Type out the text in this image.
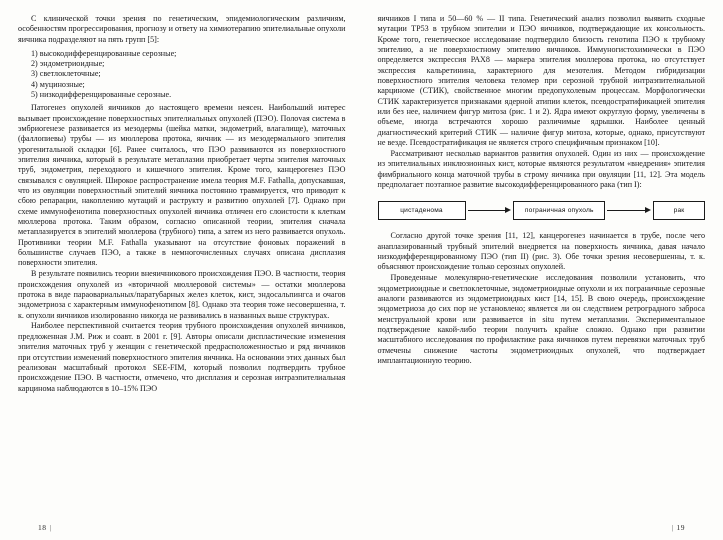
С клинической точки зрения по генетическим, эпидемиологическим различиям, особенностям прогрессирования, прогнозу и ответу на химиотерапию эпителиальные опухоли яичника подразделяют на пять групп [5]:

1) высокодифференцированные серозные;

2) эндометриоидные;

3) светлоклеточные;

4) муцинозные;

5) низкодифференцированные серозные.

Патогенез опухолей яичников до настоящего времени неясен. Наибольший интерес вызывает происхождение поверхностных эпителиальных опухолей (ПЭО). Полovая система в эмбриогенезе развивается из мезодермы (шейка матки, эндометрий, влагалище), маточных (фаллопиевы) трубы — из мюллерова протока, яичник — из мезодермального эпителия урогенитальной складки [6]. Ранее считалось, что ПЭО развиваются из поверхностного эпителия яичника, который в результате метаплазии приобретает черты эпителия маточных труб, эндометрия, переходного и кишечного эпителия. Кроме того, канцерогенез ПЭО связывался с овуляцией. Широкое распространение имела теория M.F. Fathalla, допускавшая, что из овуляции поверхностный эпителий яичника постоянно травмируется, что приводит к сбою репарации, накоплению мутаций и раструкту и развитию опухолей [7]. Однако при схеме иммунофенотипа поверхностных опухолей яичника отличен его слоистости к клеткам мюллерова протока. Таким образом, согласно описанной теории, эпителия сначала метаплазируется в эпителий мюллерова (трубного) типа, а затем из него развивается опухоль. Противники теории M.F. Fathalla указывают на отсутствие фоновых поражений в большинстве случаев ПЭО, а также в немногочисленных случаях описана дисплазия поверхности эпителия.

В результате появились теории внеяичникового происхождения ПЭО. В частности, теория происхождения опухолей из «вторичной мюллеровой системы» — остатки мюллерова протока в виде параовариальных/паратубарных желез клеток, кист, эндосальпингса и очагов эндометриоза с характерным иммунофенотипом [8]. Однако эта теория тоже несовершенна, т. к. опухоли яичников изолированно никогда не развивались в названных выше структурах.

Наиболее перспективной считается теория трубного происхождения опухолей яичников, предложенная J.M. Риж и соавт. в 2001 г. [9]. Авторы описали диспластические изменения эпителия маточных труб у женщин с генетической предрасположенностью и ряд яичников при отсутствии изменений поверхностного эпителия яичника. На основании этих данных был реализован масштабный протокол SEE-FIM, который позволил подтвердить трубное происхождение ПЭО. В частности, отмечено, что дисплазия и серозная интраэпителиальная карцинома наблюдаются в 10–15% ПЭО

18 |

яичников I типа и 50—60 % — II типа. Генетический анализ позволил выявить сходные мутации TP53 в трубном эпителии и ПЭО яичников, подтверждающие их консольность. Кроме того, генетическое исследование подтвердило близость генотипа ПЭО к трубному эпителию, а не поверхностному эпителию яичников. Иммуногистохимически в ПЭО определяется экспрессия РАХ8 — маркера эпителия мюллерова протока, но отсутствует экспрессия кальретинина, характерного для мезотелия. Методом гибридизации поверхностного эпителия человека теломер при серозной трубной интраэпителиальной карциноме (СТИК), свойственное многим предопухолевым процессам. Морфологически СТИК характеризуется признаками ядерной атипии клеток, псевдостратификацией эпителия или без нее, наличием фигур митоза (рис. 1 и 2). Ядра имеют округлую форму, увеличены в объеме, иногда встречаются хорошо различимые ядрышки. Наиболее ценный диагностический критерий СТИК — наличие фигур митоза, которые, однако, присутствуют не везде. Псевдостратификация не является строго специфичным признаком [10].

Рассматривают несколько вариантов развития опухолей. Один из них — происхождение из эпителиальных инклюзионных кист, которые являются результатом «внедрения» эпителия фимбриального конца маточной трубы в строму яичника при овуляции [11, 12]. Эта модель предполагает поэтапное развитие высокодифференцированного рака (тип I):

цистаденома	пограничная опухоль	рак

Согласно другой точке зрения [11, 12], канцерогенез начинается в трубе, после чего анаплазированный трубный эпителий внедряется на поверхность яичника, давая начало низкодифференцированному ПЭО (тип II) (рис. 3). Обе точки зрения несовершенны, т. к. объясняют происхождение только серозных опухолей.

Проведенные молекулярно-генетические исследования позволили установить, что эндометриоидные и светлоклеточные, эндометриоидные опухоли и их пограничные серозные аналоги развиваются из эндометриоидных кист [14, 15]. В свою очередь, происхождение эндометриоза до сих пор не установлено; является ли он следствием ретроградного заброса менструальной крови или развивается in situ путем метаплазии. Экспериментальное подтверждение какой-либо теории получить крайне сложно. Однако при развитии масштабного исследования по профилактике рака яичников путем перевязки маточных труб отмечены снижение частоты эндометриоидных опухолей, что подтверждает имплантационную теорию.

| 19
